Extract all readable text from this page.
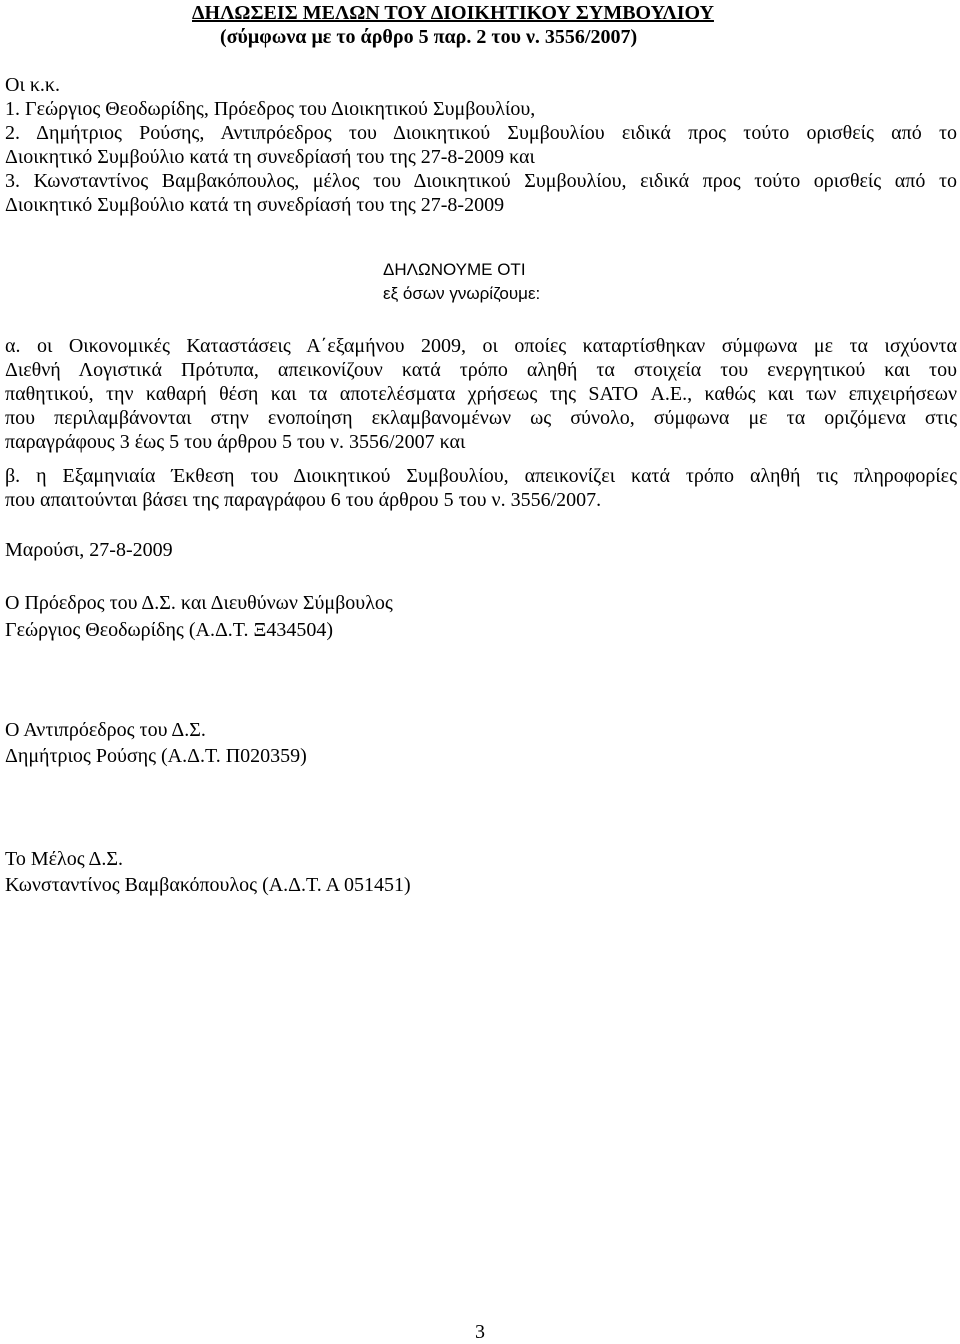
ΔΗΛΩΣΕΙΣ ΜΕΛΩΝ ΤΟΥ ΔΙΟΙΚΗΤΙΚΟΥ ΣΥΜΒΟΥΛΙΟΥ
(σύμφωνα με το άρθρο 5 παρ. 2 του ν. 3556/2007)
Οι κ.κ.
1. Γεώργιος Θεοδωρίδης, Πρόεδρος του Διοικητικού Συμβουλίου,
2. Δημήτριος Ρούσης, Αντιπρόεδρος του Διοικητικού Συμβουλίου ειδικά προς τούτο ορισθείς από το
Διοικητικό Συμβούλιο κατά τη συνεδρίασή του της 27-8-2009 και
3. Κωνσταντίνος Βαμβακόπουλος, μέλος του Διοικητικού Συμβουλίου, ειδικά προς τούτο ορισθείς από το
Διοικητικό Συμβούλιο κατά τη συνεδρίασή του της 27-8-2009
ΔΗΛΩΝΟΥΜΕ ΟΤΙ
εξ όσων γνωρίζουμε:
α. οι Οικονομικές Καταστάσεις Α΄εξαμήνου 2009, οι οποίες καταρτίσθηκαν σύμφωνα με τα ισχύοντα
Διεθνή Λογιστικά Πρότυπα, απεικονίζουν κατά τρόπο αληθή τα στοιχεία του ενεργητικού και του
παθητικού, την καθαρή θέση και τα αποτελέσματα χρήσεως της SATO Α.Ε., καθώς και των επιχειρήσεων
που περιλαμβάνονται στην ενοποίηση εκλαμβανομένων ως σύνολο, σύμφωνα με τα οριζόμενα στις
παραγράφους 3 έως 5 του άρθρου 5 του ν. 3556/2007 και
β. η Εξαμηνιαία Έκθεση του Διοικητικού Συμβουλίου, απεικονίζει κατά τρόπο αληθή τις πληροφορίες
που απαιτούνται βάσει της παραγράφου 6 του άρθρου 5 του ν. 3556/2007.
Μαρούσι, 27-8-2009
Ο Πρόεδρος του Δ.Σ. και Διευθύνων Σύμβουλος
Γεώργιος Θεοδωρίδης (Α.Δ.Τ. Ξ434504)
Ο Αντιπρόεδρος του Δ.Σ.
Δημήτριος Ρούσης (Α.Δ.Τ. Π020359)
Το Μέλος Δ.Σ.
Κωνσταντίνος Βαμβακόπουλος (Α.Δ.Τ. Α 051451)
3
